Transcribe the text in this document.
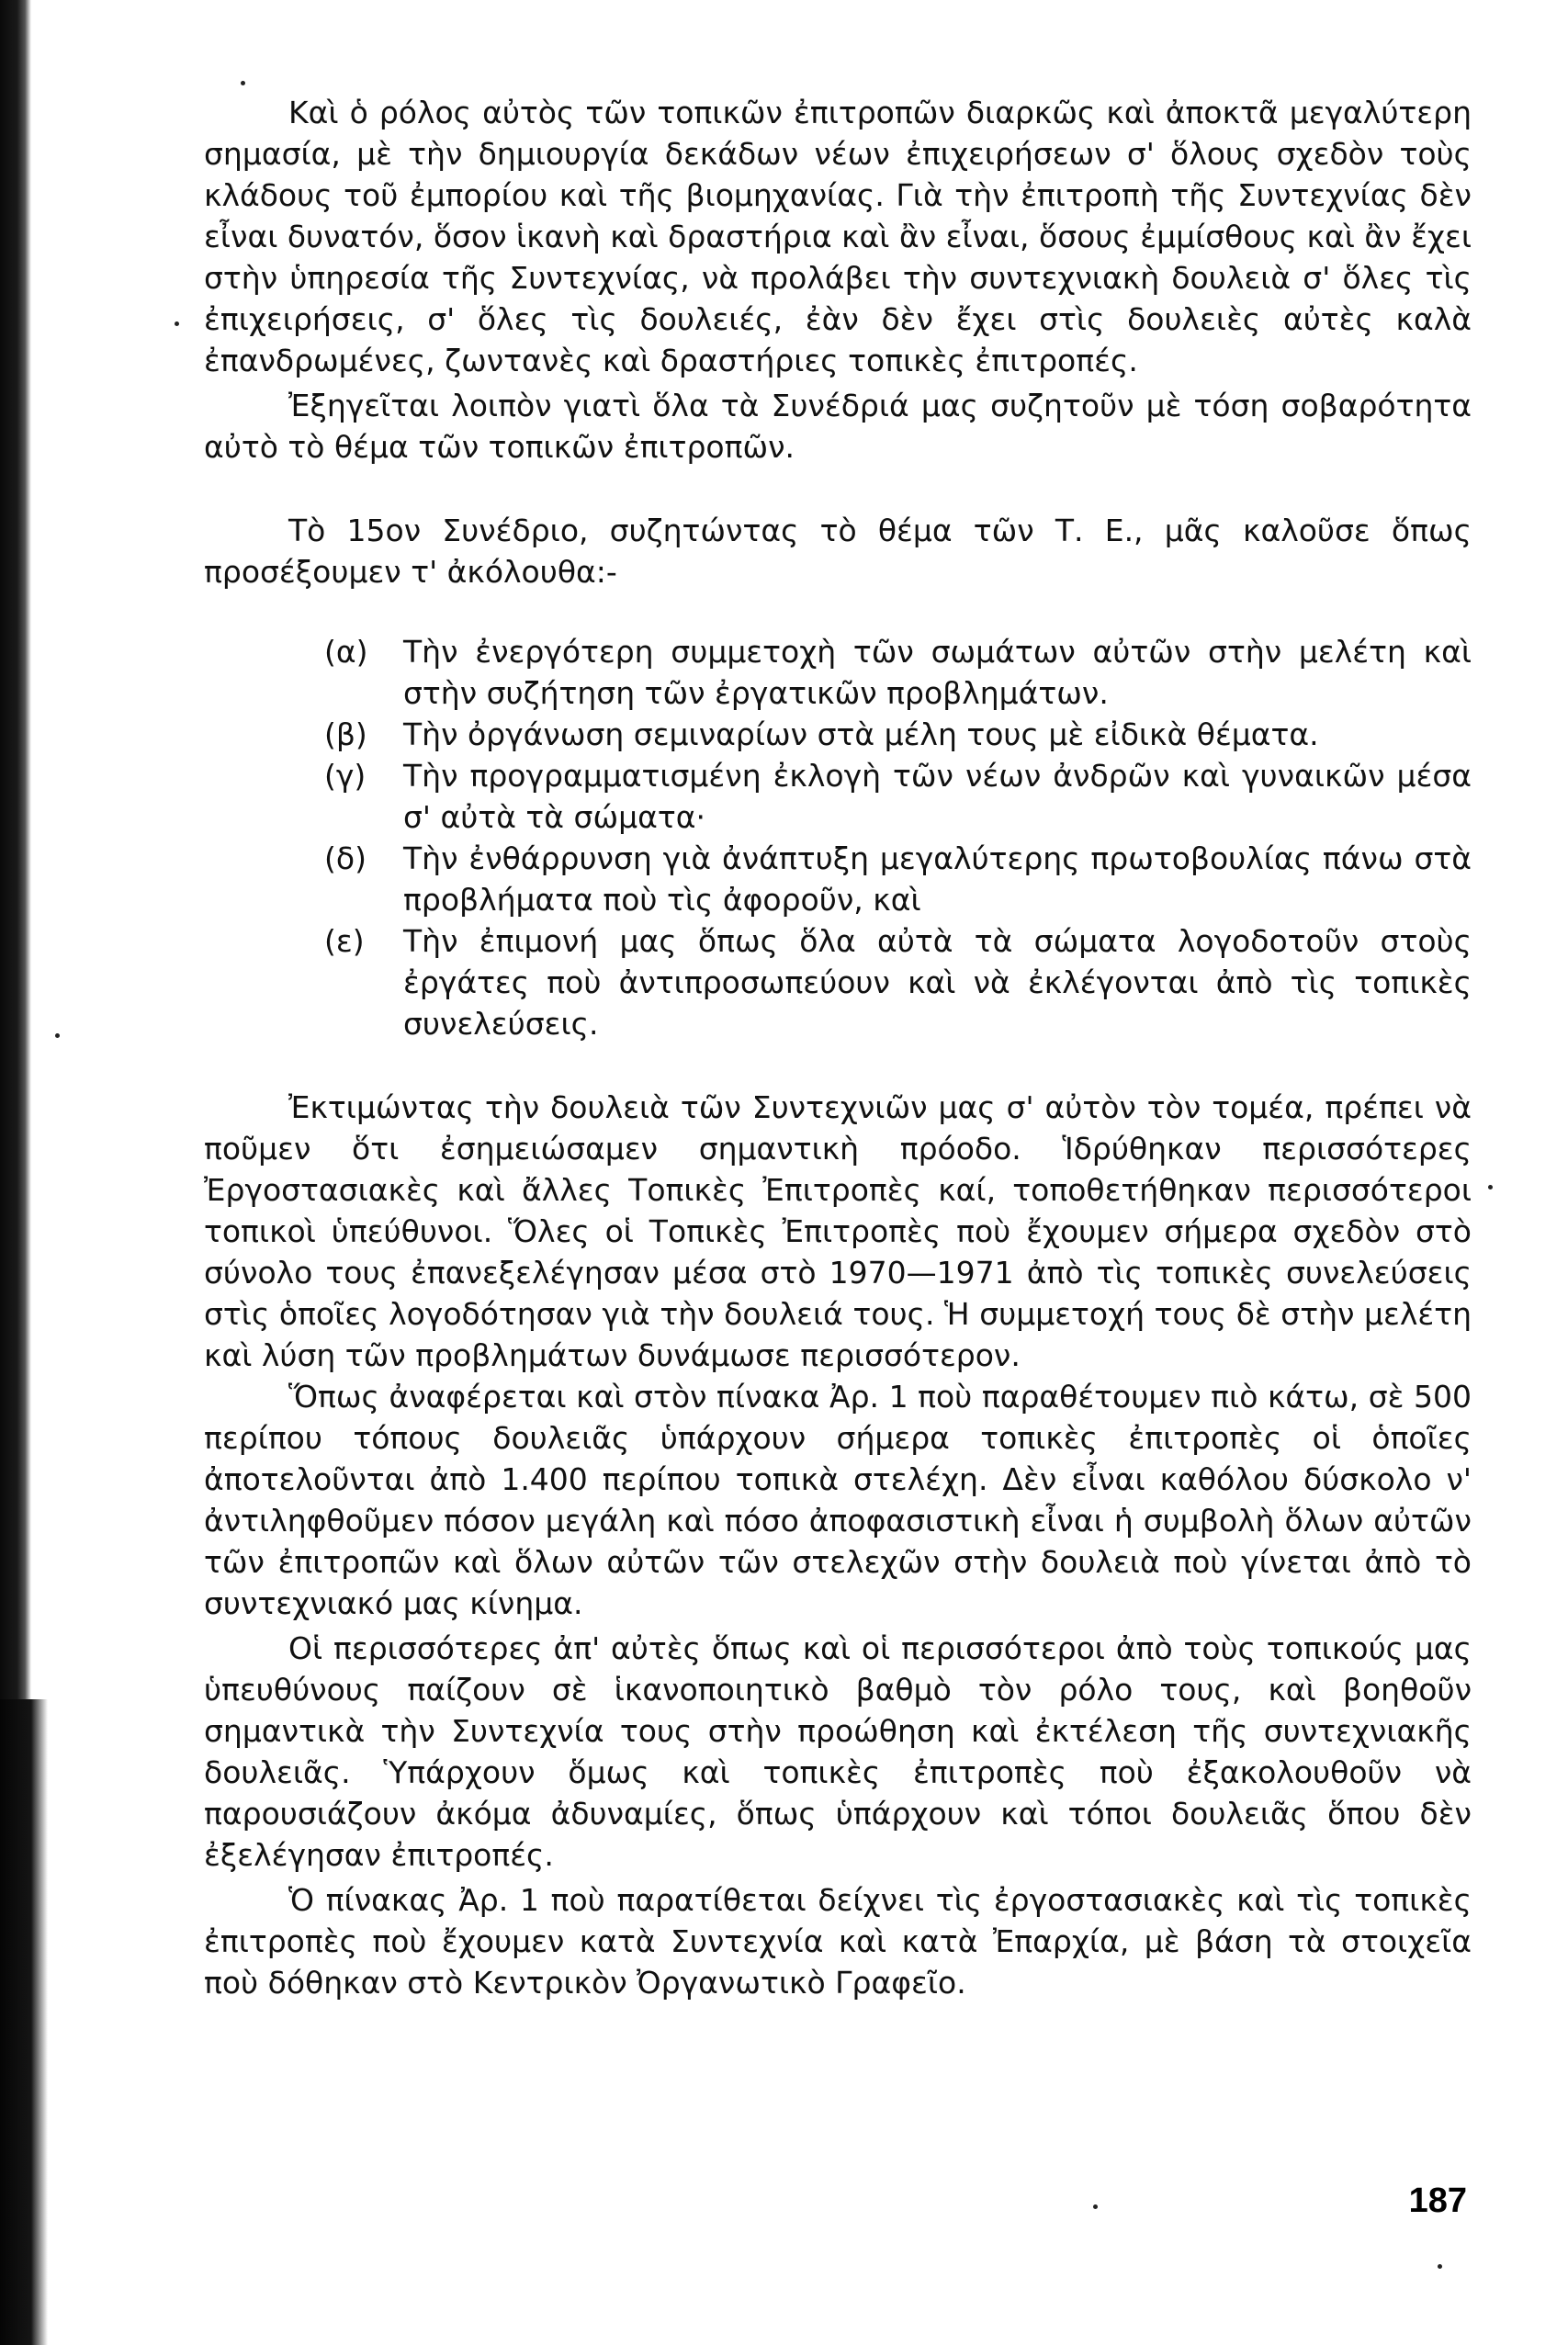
Καὶ ὁ ρόλος αὐτὸς τῶν τοπικῶν ἐπιτροπῶν διαρκῶς καὶ ἀποκτᾶ μεγαλύτερη σημασία, μὲ τὴν δημιουργία δεκάδων νέων ἐπιχειρήσεων σ' ὅλους σχεδὸν τοὺς κλάδους τοῦ ἐμπορίου καὶ τῆς βιομηχανίας. Γιὰ τὴν ἐπιτροπὴ τῆς Συντεχνίας δὲν εἶναι δυνατόν, ὅσον ἱκανὴ καὶ δραστήρια καὶ ἂν εἶναι, ὅσους ἐμμίσθους καὶ ἂν ἔχει στὴν ὑπηρεσία τῆς Συντεχνίας, νὰ προλάβει τὴν συντεχνιακὴ δουλειὰ σ' ὅλες τὶς ἐπιχειρήσεις, σ' ὅλες τὶς δουλειές, ἐὰν δὲν ἔχει στὶς δουλειὲς αὐτὲς καλὰ ἐπανδρωμένες, ζωντανὲς καὶ δραστήριες τοπικὲς ἐπιτροπές.

Ἐξηγεῖται λοιπὸν γιατὶ ὅλα τὰ Συνέδριά μας συζητοῦν μὲ τόση σοβαρότητα αὐτὸ τὸ θέμα τῶν τοπικῶν ἐπιτροπῶν.

Τὸ 15ον Συνέδριο, συζητώντας τὸ θέμα τῶν Τ. Ε., μᾶς καλοῦσε ὅπως προσέξουμεν τ' ἀκόλουθα:-

(α)	Τὴν ἐνεργότερη συμμετοχὴ τῶν σωμάτων αὐτῶν στὴν μελέτη καὶ στὴν συζήτηση τῶν ἐργατικῶν προβλημάτων.
(β)	Τὴν ὀργάνωση σεμιναρίων στὰ μέλη τους μὲ εἰδικὰ θέματα.
(γ)	Τὴν προγραμματισμένη ἐκλογὴ τῶν νέων ἀνδρῶν καὶ γυναικῶν μέσα σ' αὐτὰ τὰ σώματα·
(δ)	Τὴν ἐνθάρρυνση γιὰ ἀνάπτυξη μεγαλύτερης πρωτοβουλίας πάνω στὰ προβλήματα ποὺ τὶς ἀφοροῦν, καὶ
(ε)	Τὴν ἐπιμονή μας ὅπως ὅλα αὐτὰ τὰ σώματα λογοδοτοῦν στοὺς ἐργάτες ποὺ ἀντιπροσωπεύουν καὶ νὰ ἐκλέγονται ἀπὸ τὶς τοπικὲς συνελεύσεις.

Ἐκτιμώντας τὴν δουλειὰ τῶν Συντεχνιῶν μας σ' αὐτὸν τὸν τομέα, πρέπει νὰ ποῦμεν ὅτι ἐσημειώσαμεν σημαντικὴ πρόοδο. Ἱδρύθηκαν περισσότερες Ἐργοστασιακὲς καὶ ἄλλες Τοπικὲς Ἐπιτροπὲς καί, τοποθετήθηκαν περισσότεροι τοπικοὶ ὑπεύθυνοι. Ὅλες οἱ Τοπικὲς Ἐπιτροπὲς ποὺ ἔχουμεν σήμερα σχεδὸν στὸ σύνολο τους ἐπανεξελέγησαν μέσα στὸ 1970—1971 ἀπὸ τὶς τοπικὲς συνελεύσεις στὶς ὁποῖες λογοδότησαν γιὰ τὴν δουλειά τους. Ἡ συμμετοχή τους δὲ στὴν μελέτη καὶ λύση τῶν προβλημάτων δυνάμωσε περισσότερον.

Ὅπως ἀναφέρεται καὶ στὸν πίνακα Ἀρ. 1 ποὺ παραθέτουμεν πιὸ κάτω, σὲ 500 περίπου τόπους δουλειᾶς ὑπάρχουν σήμερα τοπικὲς ἐπιτροπὲς οἱ ὁποῖες ἀποτελοῦνται ἀπὸ 1.400 περίπου τοπικὰ στελέχη. Δὲν εἶναι καθόλου δύσκολο ν' ἀντιληφθοῦμεν πόσον μεγάλη καὶ πόσο ἀποφασιστικὴ εἶναι ἡ συμβολὴ ὅλων αὐτῶν τῶν ἐπιτροπῶν καὶ ὅλων αὐτῶν τῶν στελεχῶν στὴν δουλειὰ ποὺ γίνεται ἀπὸ τὸ συντεχνιακό μας κίνημα.

Οἱ περισσότερες ἀπ' αὐτὲς ὅπως καὶ οἱ περισσότεροι ἀπὸ τοὺς τοπικούς μας ὑπευθύνους παίζουν σὲ ἱκανοποιητικὸ βαθμὸ τὸν ρόλο τους, καὶ βοηθοῦν σημαντικὰ τὴν Συντεχνία τους στὴν προώθηση καὶ ἐκτέλεση τῆς συντεχνιακῆς δουλειᾶς. Ὑπάρχουν ὅμως καὶ τοπικὲς ἐπιτροπὲς ποὺ ἐξακολουθοῦν νὰ παρουσιάζουν ἀκόμα ἀδυναμίες, ὅπως ὑπάρχουν καὶ τόποι δουλειᾶς ὅπου δὲν ἐξελέγησαν ἐπιτροπές.

Ὁ πίνακας Ἀρ. 1 ποὺ παρατίθεται δείχνει τὶς ἐργοστασιακὲς καὶ τὶς τοπικὲς ἐπιτροπὲς ποὺ ἔχουμεν κατὰ Συντεχνία καὶ κατὰ Ἐπαρχία, μὲ βάση τὰ στοιχεῖα ποὺ δόθηκαν στὸ Κεντρικὸν Ὀργανωτικὸ Γραφεῖο.

187
